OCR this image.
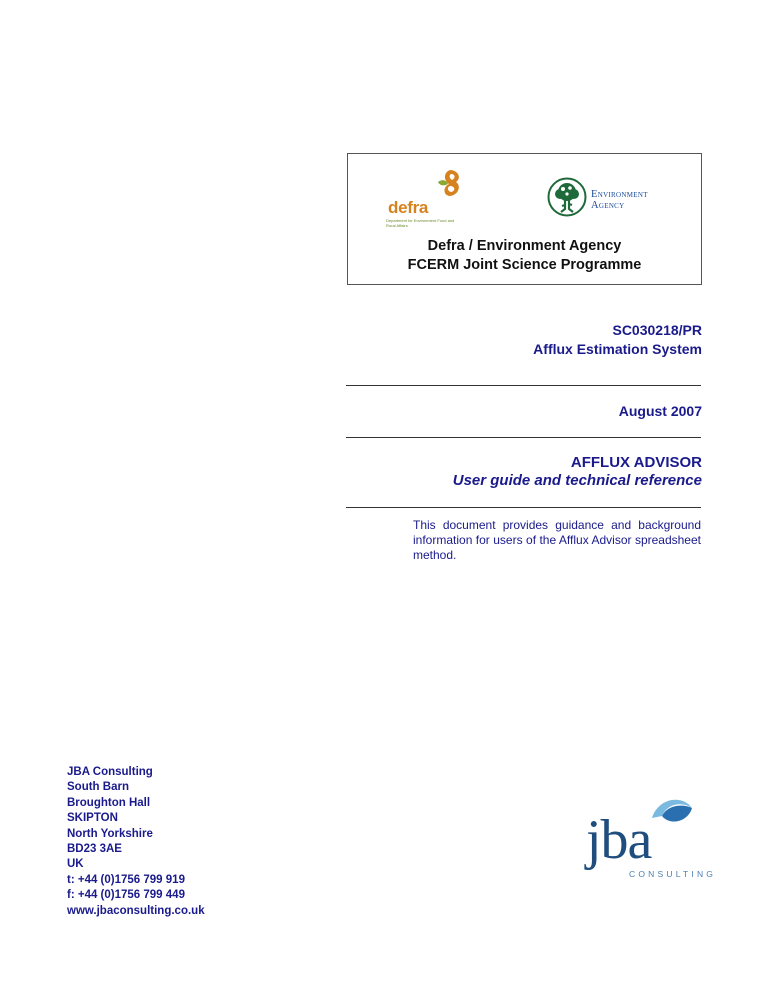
defra
Department for Environment Food and Rural Affairs
Environment
Agency
Defra / Environment Agency
FCERM Joint Science Programme
SC030218/PR
Afflux Estimation System
August 2007
AFFLUX ADVISOR
User guide and technical reference
This document provides guidance and background information for users of the Afflux Advisor spreadsheet method.
JBA Consulting
South Barn
Broughton Hall
SKIPTON
North Yorkshire
BD23 3AE
UK
t: +44 (0)1756 799 919
f: +44 (0)1756 799 449
www.jbaconsulting.co.uk
jba
CONSULTING
